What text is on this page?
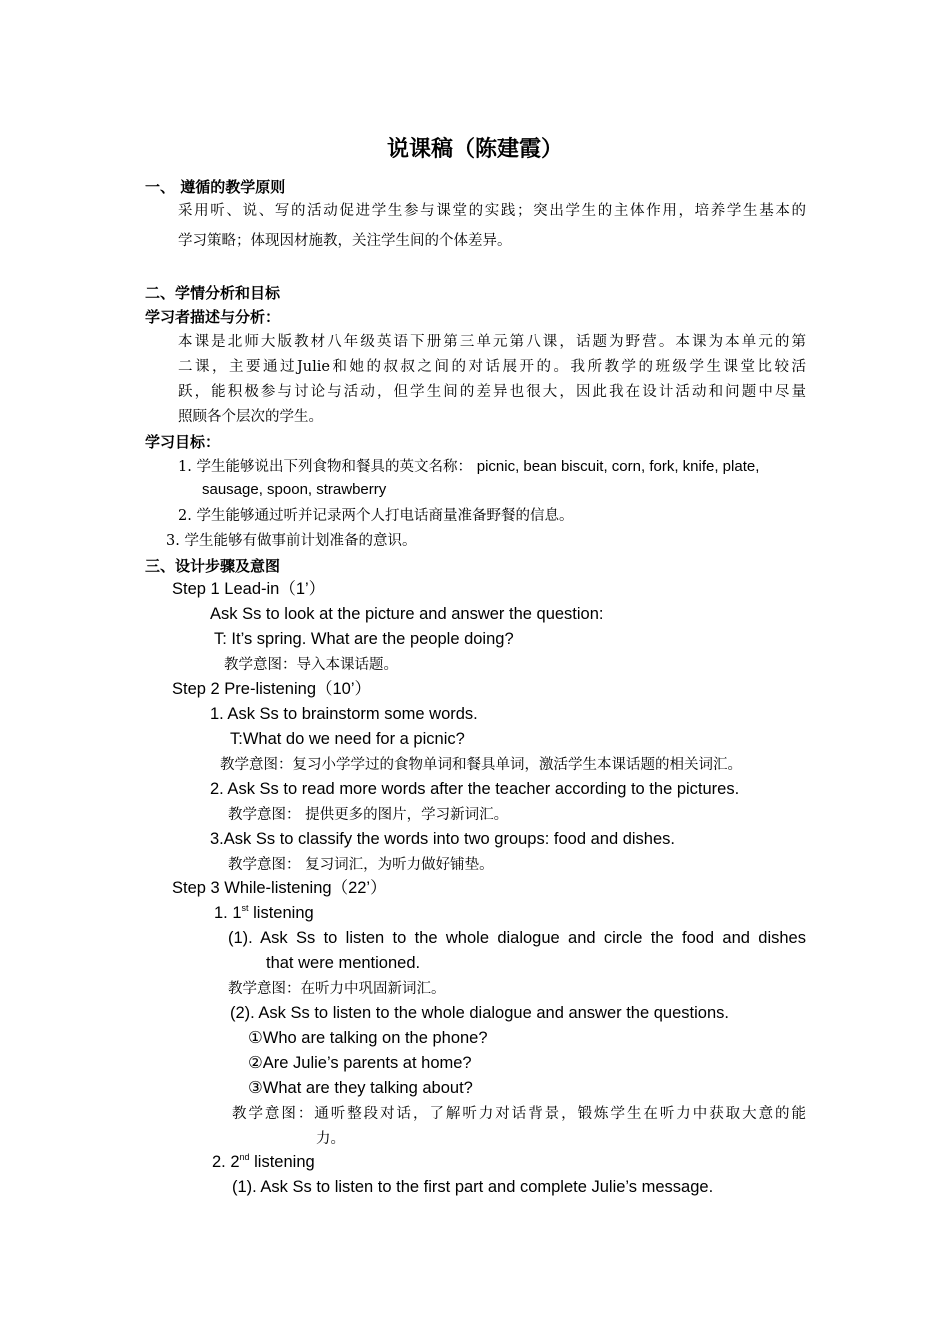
说课稿（陈建霞）
一、 遵循的教学原则
采用听、说、写的活动促进学生参与课堂的实践；突出学生的主体作用，培养学生基本的
学习策略；体现因材施教，关注学生间的个体差异。
二、学情分析和目标
学习者描述与分析：
本课是北师大版教材八年级英语下册第三单元第八课，话题为野营。本课为本单元的第
二课，主要通过Julie和她的叔叔之间的对话展开的。我所教学的班级学生课堂比较活
跃，能积极参与讨论与活动，但学生间的差异也很大，因此我在设计活动和问题中尽量
照顾各个层次的学生。
学习目标：
1. 学生能够说出下列食物和餐具的英文名称： picnic, bean biscuit, corn, fork, knife, plate,
sausage, spoon, strawberry
2. 学生能够通过听并记录两个人打电话商量准备野餐的信息。
3. 学生能够有做事前计划准备的意识。
三、设计步骤及意图
Step 1 Lead-in（1’）
Ask Ss to look at the picture and answer the question:
T: It’s spring. What are the people doing?
教学意图：导入本课话题。
Step 2 Pre-listening（10’）
1. Ask Ss to brainstorm some words.
T:What do we need for a picnic?
教学意图：复习小学学过的食物单词和餐具单词，激活学生本课话题的相关词汇。
2. Ask Ss to read more words after the teacher according to the pictures.
教学意图： 提供更多的图片，学习新词汇。
3.Ask Ss to classify the words into two groups: food and dishes.
教学意图： 复习词汇，为听力做好铺垫。
Step 3 While-listening（22’）
1. 1st listening
(1). Ask Ss to listen to the whole dialogue and circle the food and dishes
that were mentioned.
教学意图：在听力中巩固新词汇。
(2). Ask Ss to listen to the whole dialogue and answer the questions.
①Who are talking on the phone?
②Are Julie’s parents at home?
③What are they talking about?
教学意图：通听整段对话，了解听力对话背景，锻炼学生在听力中获取大意的能
力。
2. 2nd listening
(1). Ask Ss to listen to the first part and complete Julie’s message.
